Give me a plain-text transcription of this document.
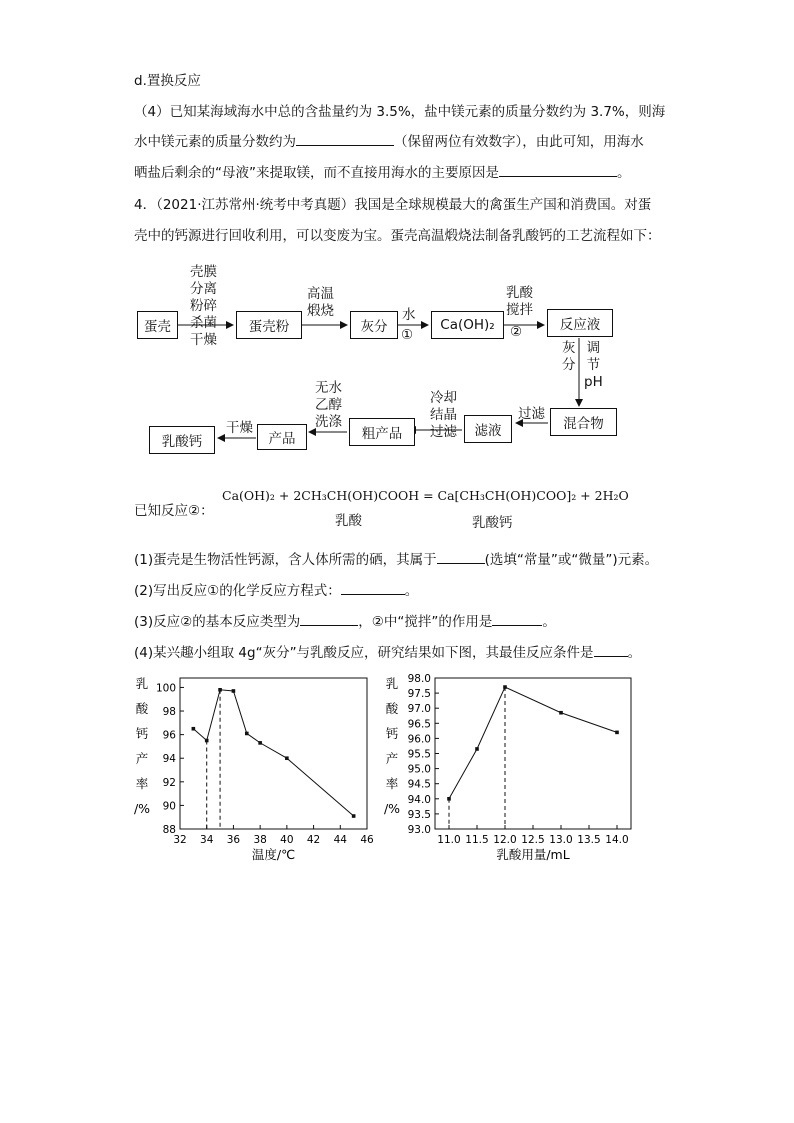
d.置换反应
（4）已知某海域海水中总的含盐量约为 3.5%，盐中镁元素的质量分数约为 3.7%，则海
水中镁元素的质量分数约为	（保留两位有效数字），由此可知，用海水
晒盐后剩余的“母液”来提取镁，而不直接用海水的主要原因是	。
4．（2021·江苏常州·统考中考真题）我国是全球规模最大的禽蛋生产国和消费国。对蛋
壳中的钙源进行回收利用，可以变废为宝。蛋壳高温煅烧法制备乳酸钙的工艺流程如下：
蛋壳	蛋壳粉	灰分	Ca(OH)₂	反应液
混合物
滤液
粗产品
产品
乳酸钙
壳膜
分离
粉碎
杀菌
干燥
高温
煅烧	水
①
乳酸
搅拌
②
灰
分
调
节
pH
过滤
冷却
结晶
过滤
无水
乙醇
洗涤
干燥
已知反应②：
Ca(OH)₂ + 2CH₃CH(OH)COOH = Ca[CH₃CH(OH)COO]₂ + 2H₂O
乳酸	乳酸钙
(1)蛋壳是生物活性钙源，含人体所需的硒，其属于	(选填“常量”或“微量”)元素。
(2)写出反应①的化学反应方程式：	。
(3)反应②的基本反应类型为	，②中“搅拌”的作用是	。
(4)某兴趣小组取 4g“灰分”与乳酸反应，研究结果如下图，其最佳反应条件是	。
乳
酸
钙
产
率
/%
88
90
92
94
96
98
100
32 34 36 38 40 42 44 46
温度/℃
乳
酸
钙
产
率
/%
93.0
93.5
94.0
94.5
95.0
95.5
96.0
96.5
97.0
97.5
98.0
11.0 11.5 12.0 12.5 13.0 13.5 14.0
乳酸用量/mL
